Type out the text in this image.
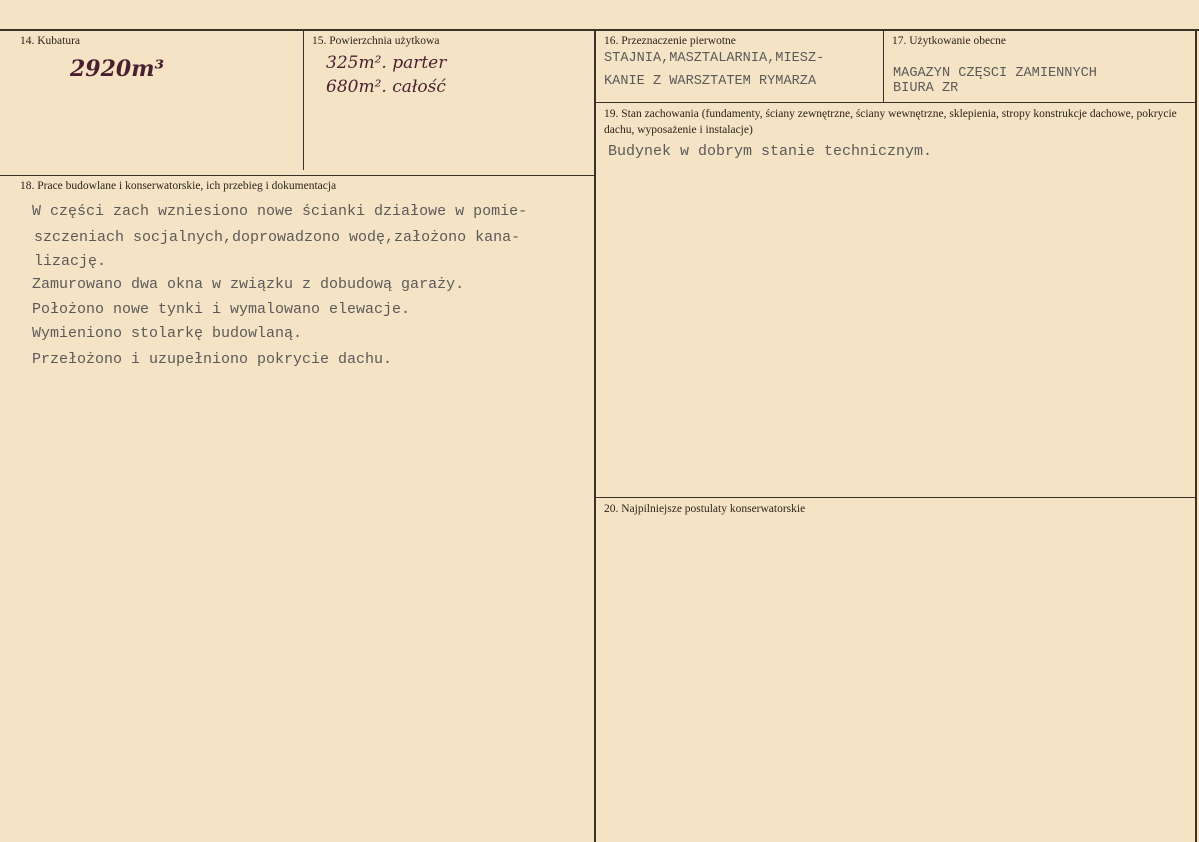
14. Kubatura
2920m³
15. Powierzchnia użytkowa
325m². parter
680m². całość
16. Przeznaczenie pierwotne
STAJNIA,MASZTALARNIA,MIESZ-
KANIE Z WARSZTATEM RYMARZA
17. Użytkowanie obecne
MAGAZYN CZĘSCI ZAMIENNYCH
BIURA ZR
19. Stan zachowania (fundamenty, ściany zewnętrzne, ściany wewnętrzne, sklepienia, stropy konstrukcje dachowe, pokrycie dachu, wyposażenie i instalacje)
Budynek w dobrym stanie technicznym.
18. Prace budowlane i konserwatorskie, ich przebieg i dokumentacja
W części zach wzniesiono nowe ścianki działowe w pomie-
szczeniach socjalnych,doprowadzono wodę,założono kana-
lizację.
Zamurowano dwa okna w związku z dobudową garaży.
Położono nowe tynki i wymalowano elewacje.
Wymieniono stolarkę budowlaną.
Przełożono i uzupełniono pokrycie dachu.
20. Najpilniejsze postulaty konserwatorskie
